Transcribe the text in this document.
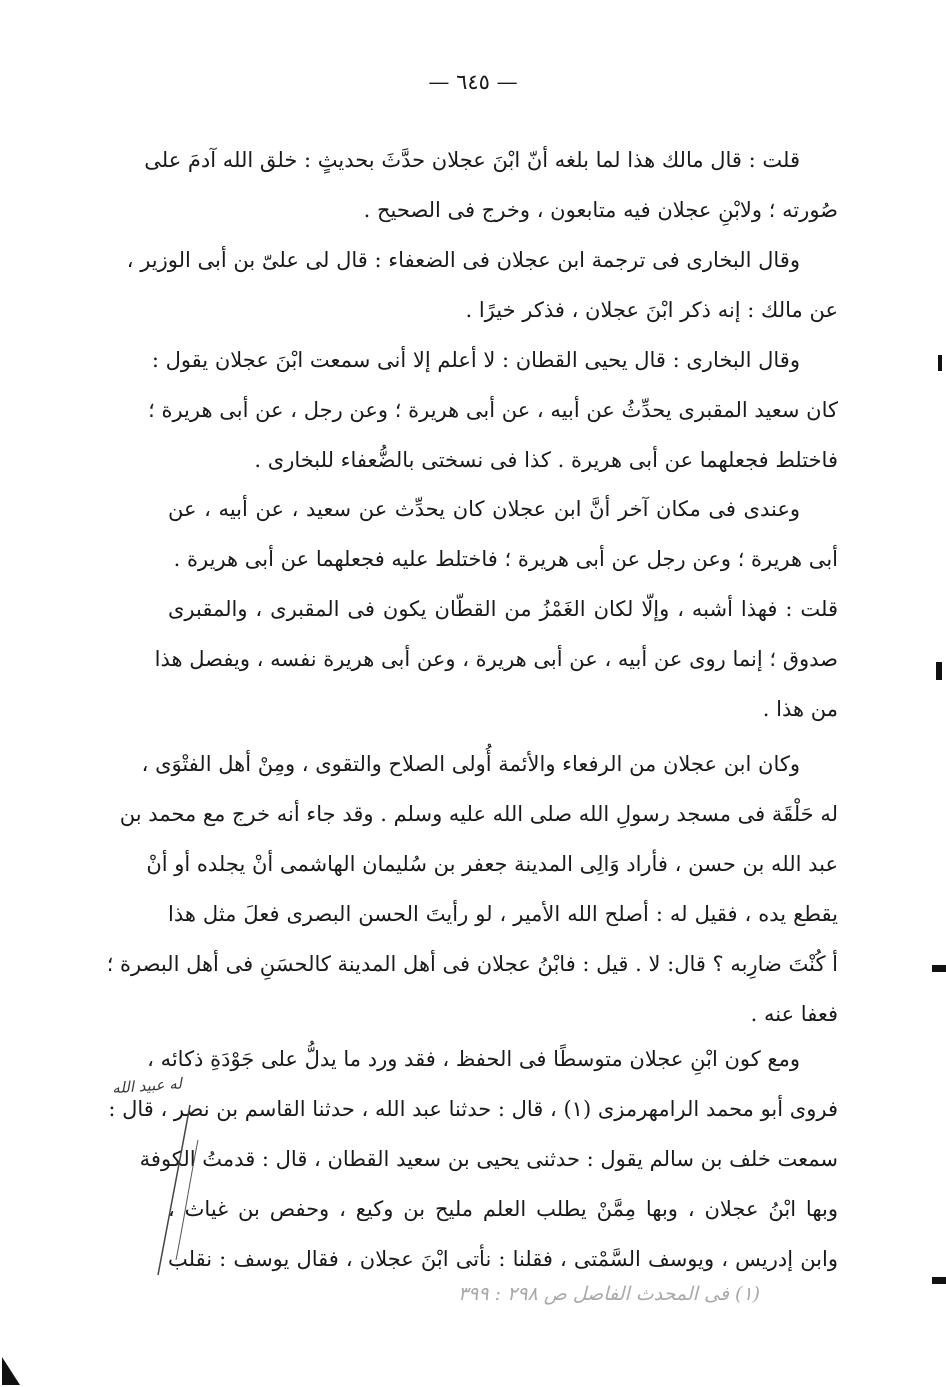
— ٦٤٥ —
قلت : قال مالك هذا لما بلغه أنّ ابْنَ عجلان حدَّثَ بحديثٍ : خلق الله آدمَ على
صُورته ؛ ولابْنِ عجلان فيه متابعون ، وخرج فى الصحيح .
وقال البخارى فى ترجمة ابن عجلان فى الضعفاء : قال لى علىّ بن أبى الوزير ،
عن مالك : إنه ذكر ابْنَ عجلان ، فذكر خيرًا .
وقال البخارى : قال يحيى القطان : لا أعلم إلا أنى سمعت ابْنَ عجلان يقول :
كان سعيد المقبرى يحدِّثُ عن أبيه ، عن أبى هريرة ؛ وعن رجل ، عن أبى هريرة ؛
فاختلط فجعلهما عن أبى هريرة . كذا فى نسختى بالضُّعفاء للبخارى .
وعندى فى مكان آخر أنَّ ابن عجلان كان يحدِّث عن سعيد ، عن أبيه ، عن
أبى هريرة ؛ وعن رجل عن أبى هريرة ؛ فاختلط عليه فجعلهما عن أبى هريرة .
قلت : فهذا أشبه ، وإلّا لكان الغَمْزُ من القطّان يكون فى المقبرى ، والمقبرى
صدوق ؛ إنما روى عن أبيه ، عن أبى هريرة ، وعن أبى هريرة نفسه ، ويفصل هذا
من هذا .
وكان ابن عجلان من الرفعاء والأئمة أُولى الصلاح والتقوى ، ومِنْ أهل الفتْوَى ،
له حَلْقَة فى مسجد رسولِ الله صلى الله عليه وسلم . وقد جاء أنه خرج مع محمد بن
عبد الله بن حسن ، فأراد وَالِى المدينة جعفر بن سُليمان الهاشمى أنْ يجلده أو أنْ
يقطع يده ، فقيل له : أصلح الله الأمير ، لو رأيتَ الحسن البصرى فعلَ مثل هذا
أ كُنْتَ ضارِبه ؟ قال: لا . قيل : فابْنُ عجلان فى أهل المدينة كالحسَنِ فى أهل البصرة ؛
فعفا عنه .
ومع كون ابْنِ عجلان متوسطًا فى الحفظ ، فقد ورد ما يدلُّ على جَوْدَةِ ذكائه ،
فروى أبو محمد الرامهرمزى (١) ، قال : حدثنا عبد الله ، حدثنا القاسم بن نصر ، قال :
سمعت خلف بن سالم يقول : حدثنى يحيى بن سعيد القطان ، قال : قدمتُ الكوفة
وبها ابْنُ عجلان ، وبها مِمَّنْ يطلب العلم مليح بن وكيع ، وحفص بن غياث ،
وابن إدريس ، ويوسف السَّمْتى ، فقلنا : نأتى ابْنَ عجلان ، فقال يوسف : نقلب
له عبيد الله
(١) فى المحدث الفاصل ص ٢٩٨ : ٣٩٩
